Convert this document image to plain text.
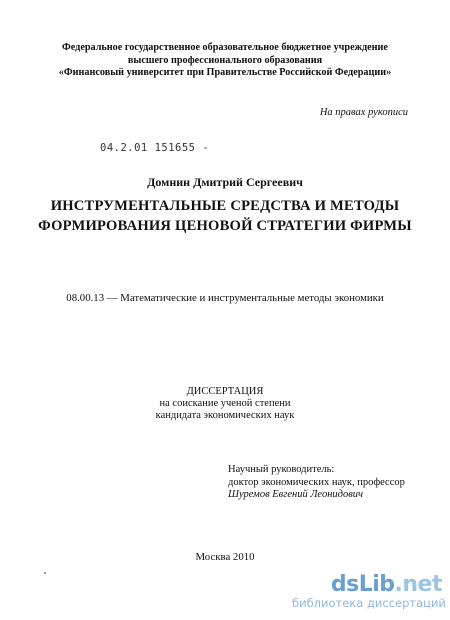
Федеральное государственное образовательное бюджетное учреждение
высшего профессионального образования
«Финансовый университет при Правительстве Российской Федерации»
На правах рукописи
04.2.01 151655 -
Домнин Дмитрий Сергеевич
ИНСТРУМЕНТАЛЬНЫЕ СРЕДСТВА И МЕТОДЫ
ФОРМИРОВАНИЯ ЦЕНОВОЙ СТРАТЕГИИ ФИРМЫ
08.00.13 — Математические и инструментальные методы экономики
ДИССЕРТАЦИЯ
на соискание ученой степени
кандидата экономических наук
Научный руководитель:
доктор экономических наук, профессор
Шуремов Евгений Леонидович
Москва 2010
dsLib.net
библиотека диссертаций
